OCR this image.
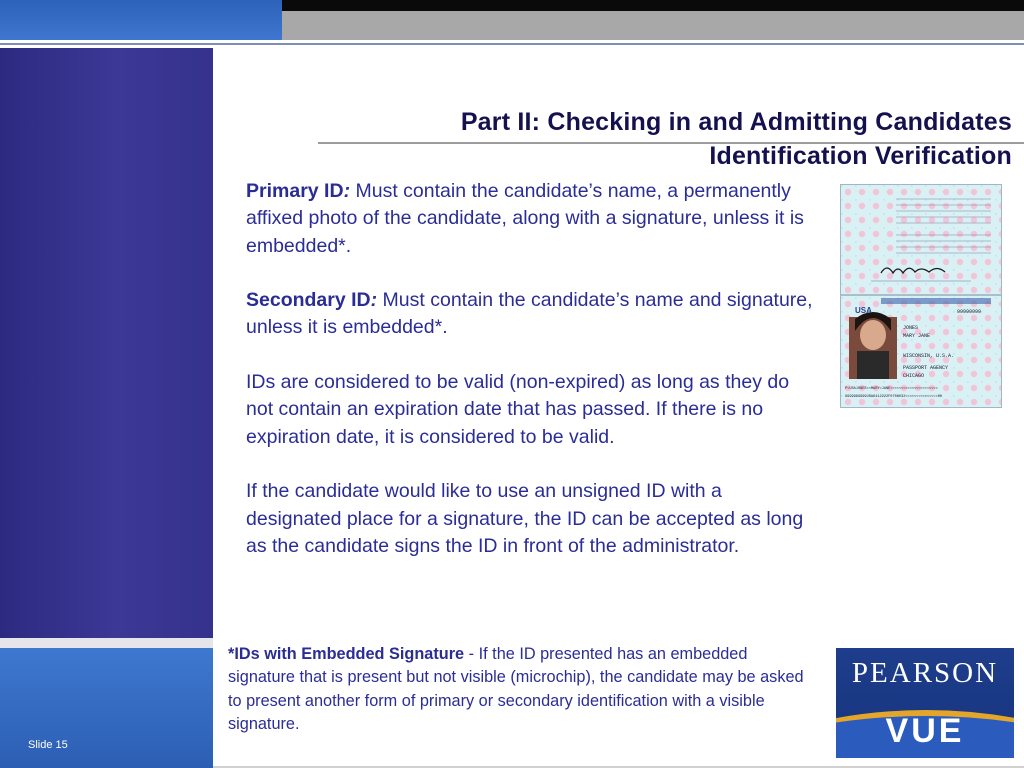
Slide 15
Part II: Checking in and Admitting Candidates
Identification Verification

Primary ID: Must contain the candidate’s name, a permanently affixed photo of the candidate, along with a signature, unless it is embedded*.

Secondary ID: Must contain the candidate’s name and signature, unless it is embedded*.

IDs are considered to be valid (non-expired) as long as they do not contain an expiration date that has passed. If there is no expiration date, it is considered to be valid.

If the candidate would like to use an unsigned ID with a designated place for a signature, the ID can be accepted as long as the candidate signs the ID in front of the administrator.

USA	99999999
JONES
MARY JANE
WISCONSIN, U.S.A.
PASSPORT AGENCY
CHICAGO
P<USAJONES<<MARY<JANE<<<<<<<<<<<<<<<<<<<<<<
9999999999USA6412222F0708032<<<<<<<<<<<<<<<00
*IDs with Embedded Signature - If the ID presented has an embedded signature that is present but not visible (microchip), the candidate may be asked to present another form of primary or secondary identification with a visible signature.
PEARSON
VUE
